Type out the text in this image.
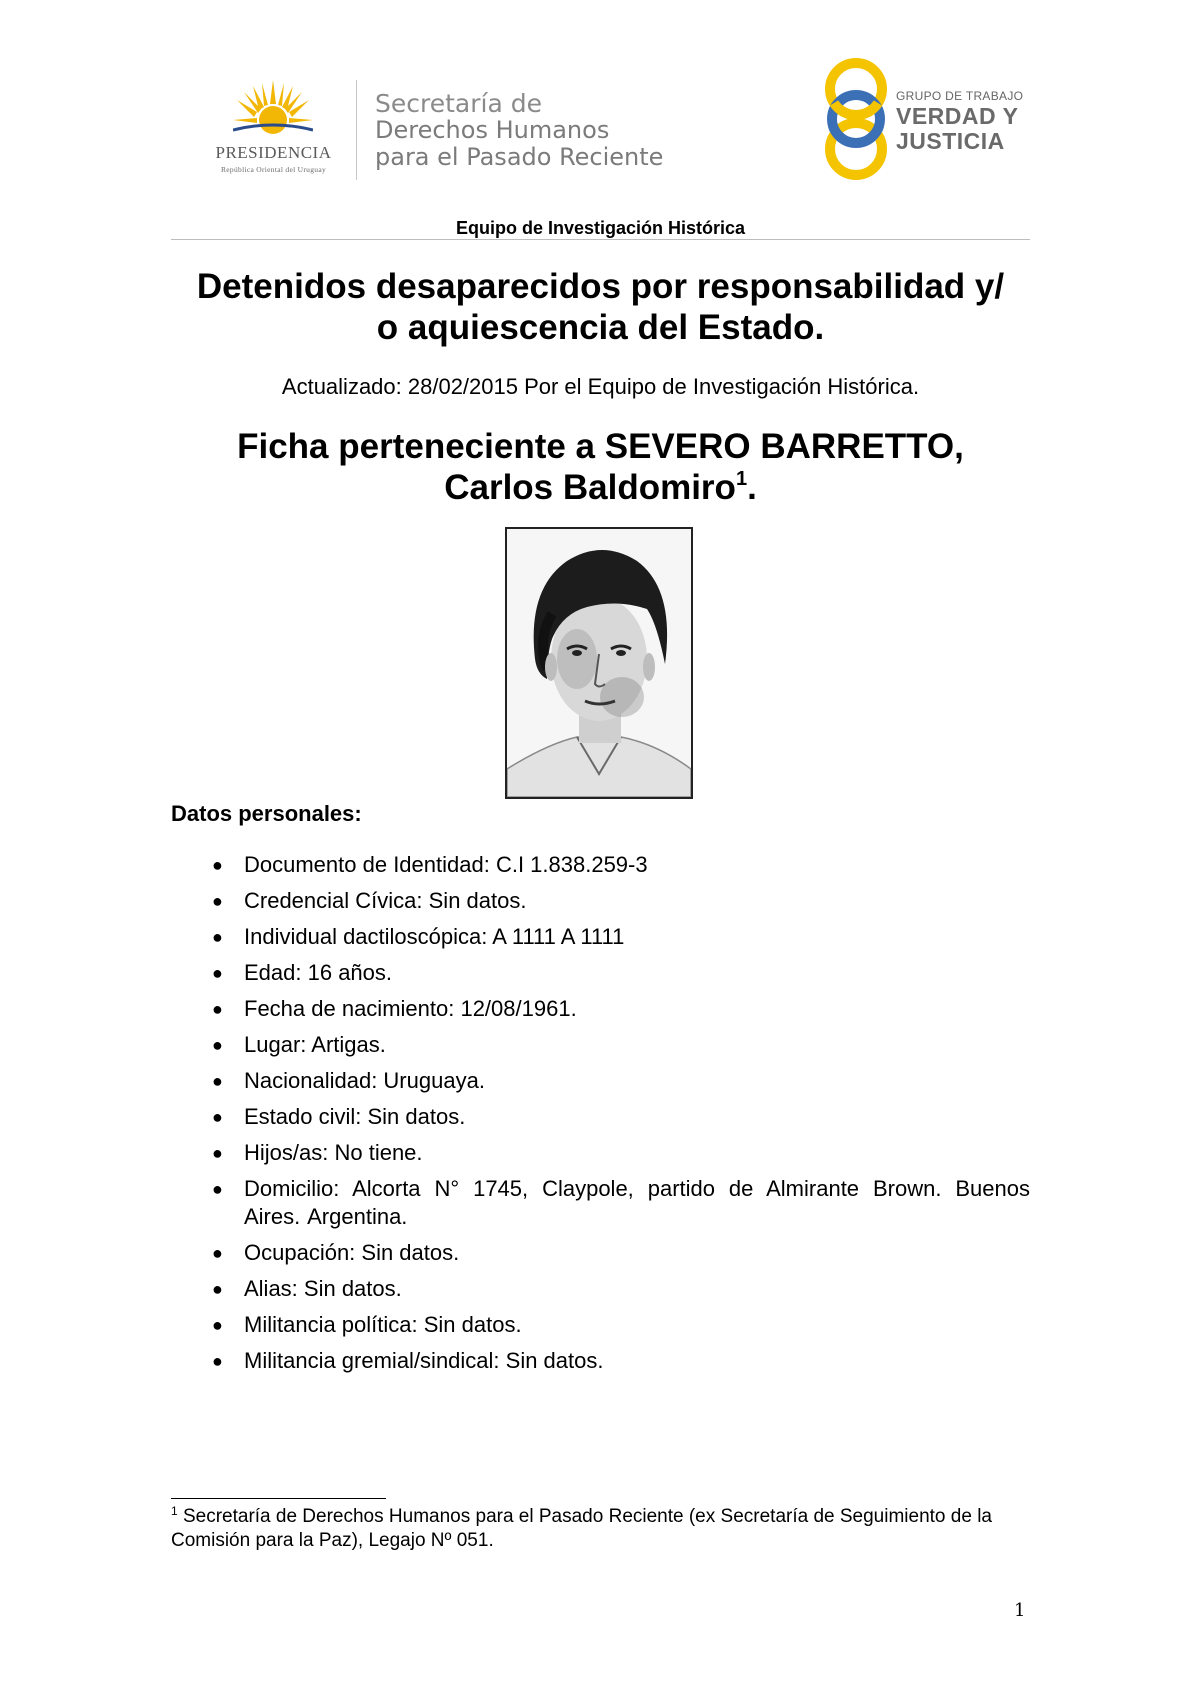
PRESIDENCIA
República Oriental del Uruguay
Secretaría de
Derechos Humanos
para el Pasado Reciente
GRUPO DE TRABAJO
VERDAD Y
JUSTICIA
Equipo de Investigación Histórica
Detenidos desaparecidos por responsabilidad y/
o aquiescencia del Estado.
Actualizado: 28/02/2015 Por el Equipo de Investigación Histórica.
Ficha perteneciente a SEVERO BARRETTO,
Carlos Baldomiro$^1$.
Datos personales:
● Documento de Identidad: C.I 1.838.259-3
● Credencial Cívica: Sin datos.
● Individual dactiloscópica: A 1111 A 1111
● Edad: 16 años.
● Fecha de nacimiento: 12/08/1961.
● Lugar: Artigas.
● Nacionalidad: Uruguaya.
● Estado civil: Sin datos.
● Hijos/as: No tiene.
● Domicilio: Alcorta N° 1745, Claypole, partido de Almirante Brown. Buenos Aires. Argentina.
● Ocupación: Sin datos.
● Alias: Sin datos.
● Militancia política: Sin datos.
● Militancia gremial/sindical: Sin datos.
$^1$ Secretaría de Derechos Humanos para el Pasado Reciente (ex Secretaría de Seguimiento de la Comisión para la Paz), Legajo Nº 051.
1
